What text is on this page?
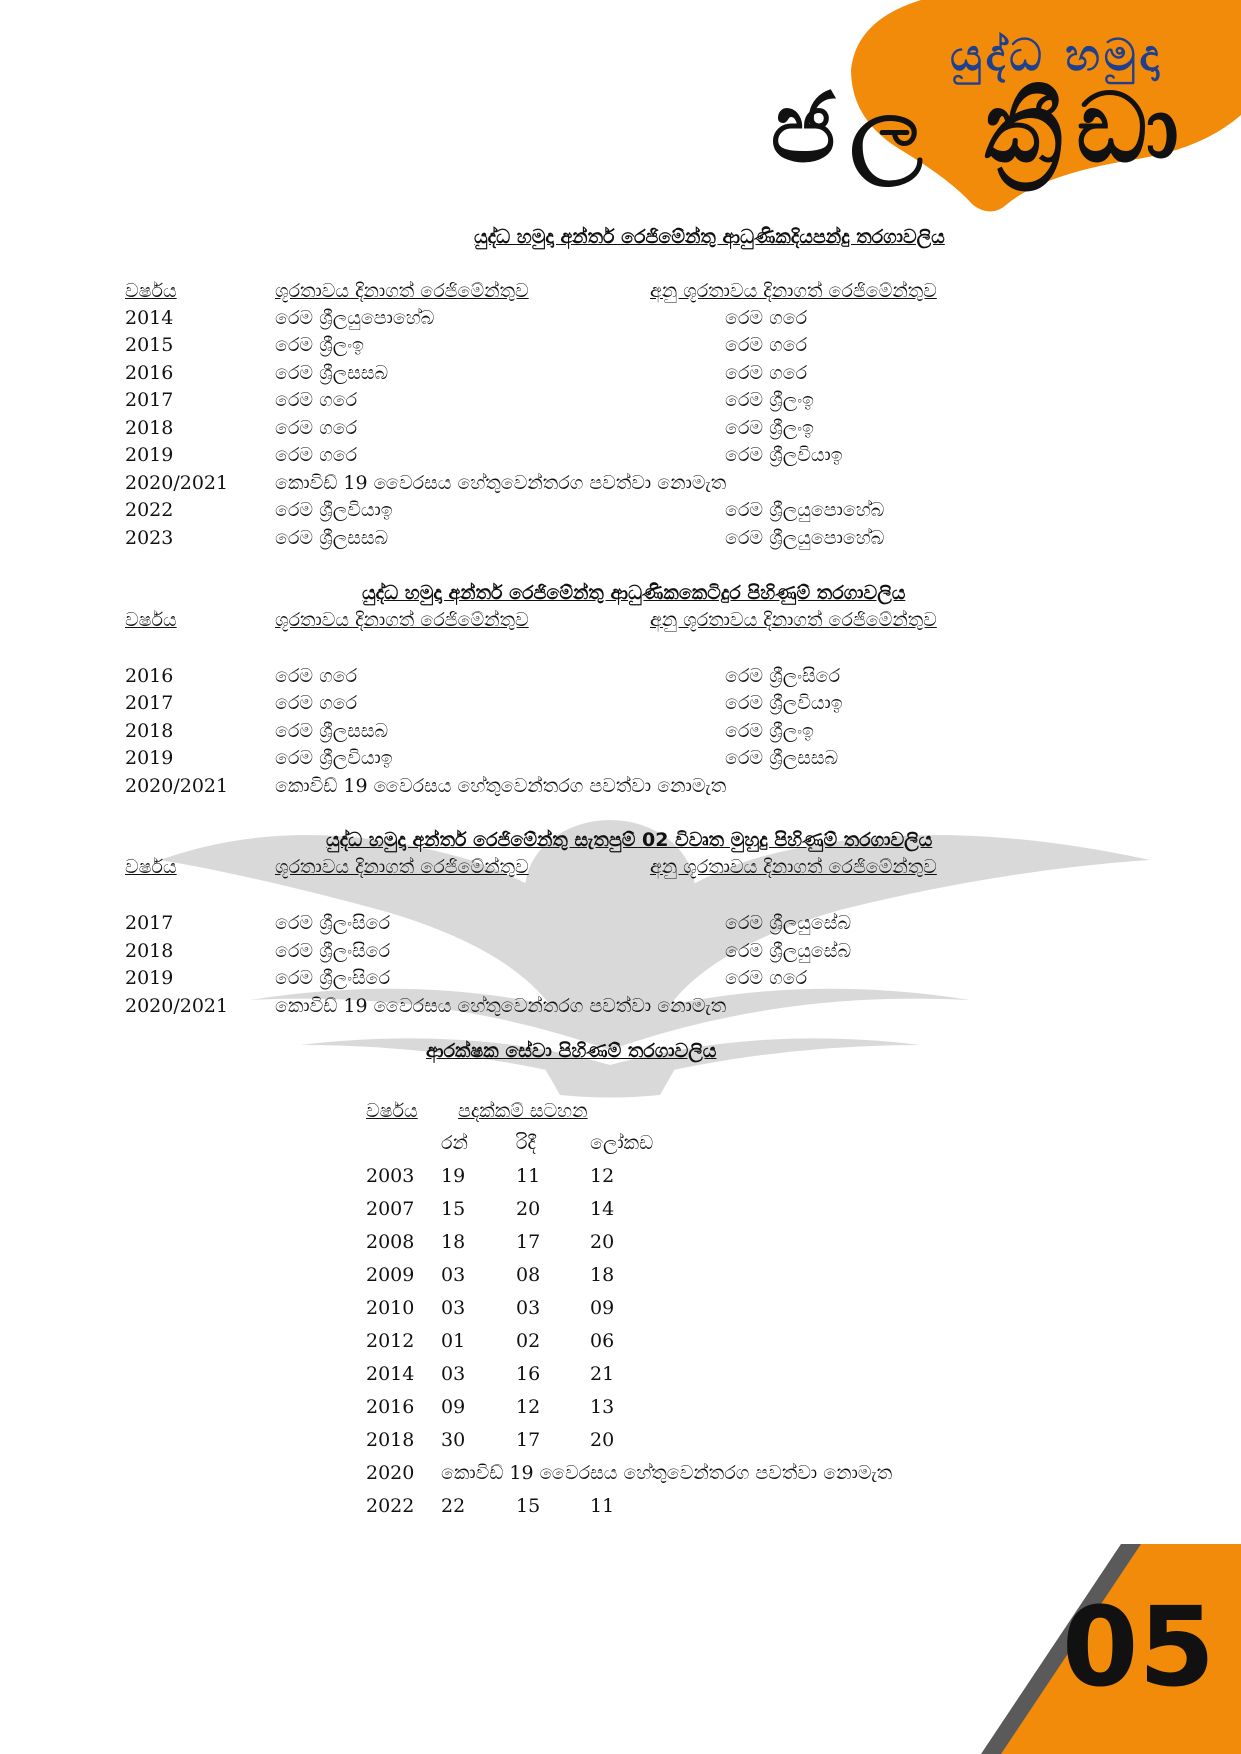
යුද්ධ හමුදා
ජල ක්‍රීඩා
යුද්ධ හමුදා අන්තර් රෙජිමේන්තු ආධුණිකදියපන්දු තරගාවලිය
වර්ෂය	ශූරතාවය දිනාගත් රෙජිමේන්තුව	අනු ශූරතාවය දිනාගත් රෙජිමේන්තුව
2014	රෙම ශ්‍රීලයුපොහේබ	රෙම ගරෙ
2015	රෙම ශ්‍රීලංඉ	රෙම ගරෙ
2016	රෙම ශ්‍රීලසසබ	රෙම ගරෙ
2017	රෙම ගරෙ	රෙම ශ්‍රීලංඉ
2018	රෙම ගරෙ	රෙම ශ්‍රීලංඉ
2019	රෙම ගරෙ	රෙම ශ්‍රීලවියාඉ
2020/2021 කොවිඩ් 19 වෛරසය හේතුවෙන්තරග පවත්වා නොමැත
2022	රෙම ශ්‍රීලවියාඉ	රෙම ශ්‍රීලයුපොහේබ
2023	රෙම ශ්‍රීලසසබ	රෙම ශ්‍රීලයුපොහේබ
යුද්ධ හමුදා අන්තර් රෙජිමේන්තු ආධුණිකකෙටිදුර පිහිණුම් තරගාවලිය
වර්ෂය	ශූරතාවය දිනාගත් රෙජිමේන්තුව	අනු ශූරතාවය දිනාගත් රෙජිමේන්තුව
2016	රෙම ගරෙ	රෙම ශ්‍රීලංසිරෙ
2017	රෙම ගරෙ	රෙම ශ්‍රීලවියාඉ
2018	රෙම ශ්‍රීලසසබ	රෙම ශ්‍රීලංඉ
2019	රෙම ශ්‍රීලවියාඉ	රෙම ශ්‍රීලසසබ
2020/2021 කොවිඩ් 19 වෛරසය හේතුවෙන්තරග පවත්වා නොමැත
යුද්ධ හමුදා අන්තර් රෙජිමේන්තු සැතපුම් 02 විවෘත මුහුදු පිහිණුම් තරගාවලිය
වර්ෂය	ශූරතාවය දිනාගත් රෙජිමේන්තුව	අනු ශූරතාවය දිනාගත් රෙජිමේන්තුව
2017	රෙම ශ්‍රීලංසිරෙ	රෙම ශ්‍රීලයුසේබ
2018	රෙම ශ්‍රීලංසිරෙ	රෙම ශ්‍රීලයුසේබ
2019	රෙම ශ්‍රීලංසිරෙ	රෙම ගරෙ
2020/2021 කොවිඩ් 19 වෛරසය හේතුවෙන්තරග පවත්වා නොමැත
ආරක්ෂක සේවා පිහිණම් තරගාවලිය
වර්ෂය පදක්කම් සටහන
රන්	රිදී	ලෝකඩ
2003 19	11	12
2007 15	20	14
2008 18	17	20
2009 03	08	18
2010 03	03	09
2012 01	02	06
2014 03	16	21
2016 09	12	13
2018 30	17	20
2020 කොවිඩ් 19 වෛරසය හේතුවෙන්තරග පවත්වා නොමැත
2022 22	15	11
05
